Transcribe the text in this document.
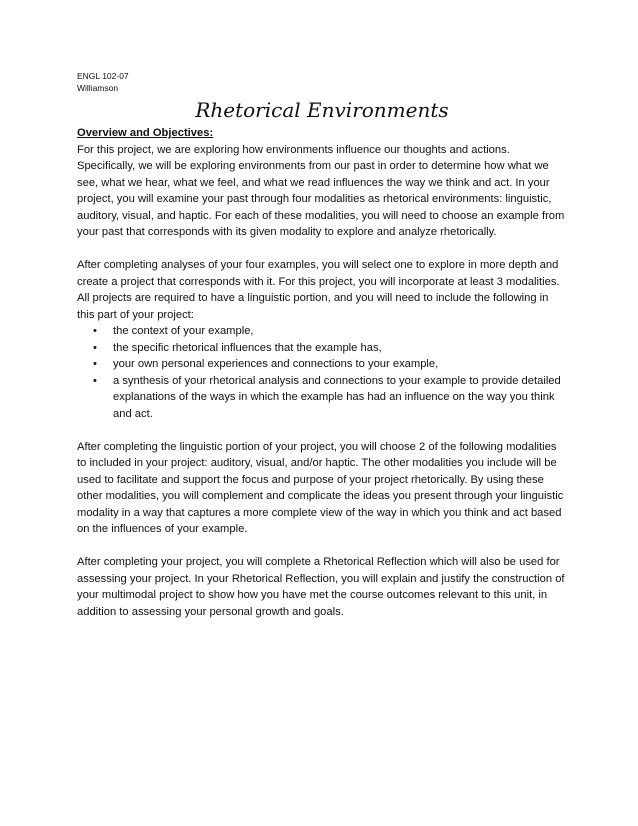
ENGL 102-07

Williamson

Rhetorical Environments
Overview and Objectives:

For this project, we are exploring how environments influence our thoughts and actions. Specifically, we will be exploring environments from our past in order to determine how what we see, what we hear, what we feel, and what we read influences the way we think and act. In your project, you will examine your past through four modalities as rhetorical environments: linguistic, auditory, visual, and haptic. For each of these modalities, you will need to choose an example from your past that corresponds with its given modality to explore and analyze rhetorically.

After completing analyses of your four examples, you will select one to explore in more depth and create a project that corresponds with it. For this project, you will incorporate at least 3 modalities. All projects are required to have a linguistic portion, and you will need to include the following in this part of your project:

• the context of your example,
• the specific rhetorical influences that the example has,
• your own personal experiences and connections to your example,
• a synthesis of your rhetorical analysis and connections to your example to provide detailed explanations of the ways in which the example has had an influence on the way you think and act.

After completing the linguistic portion of your project, you will choose 2 of the following modalities to included in your project: auditory, visual, and/or haptic. The other modalities you include will be used to facilitate and support the focus and purpose of your project rhetorically. By using these other modalities, you will complement and complicate the ideas you present through your linguistic modality in a way that captures a more complete view of the way in which you think and act based on the influences of your example.

After completing your project, you will complete a Rhetorical Reflection which will also be used for assessing your project. In your Rhetorical Reflection, you will explain and justify the construction of your multimodal project to show how you have met the course outcomes relevant to this unit, in addition to assessing your personal growth and goals.
